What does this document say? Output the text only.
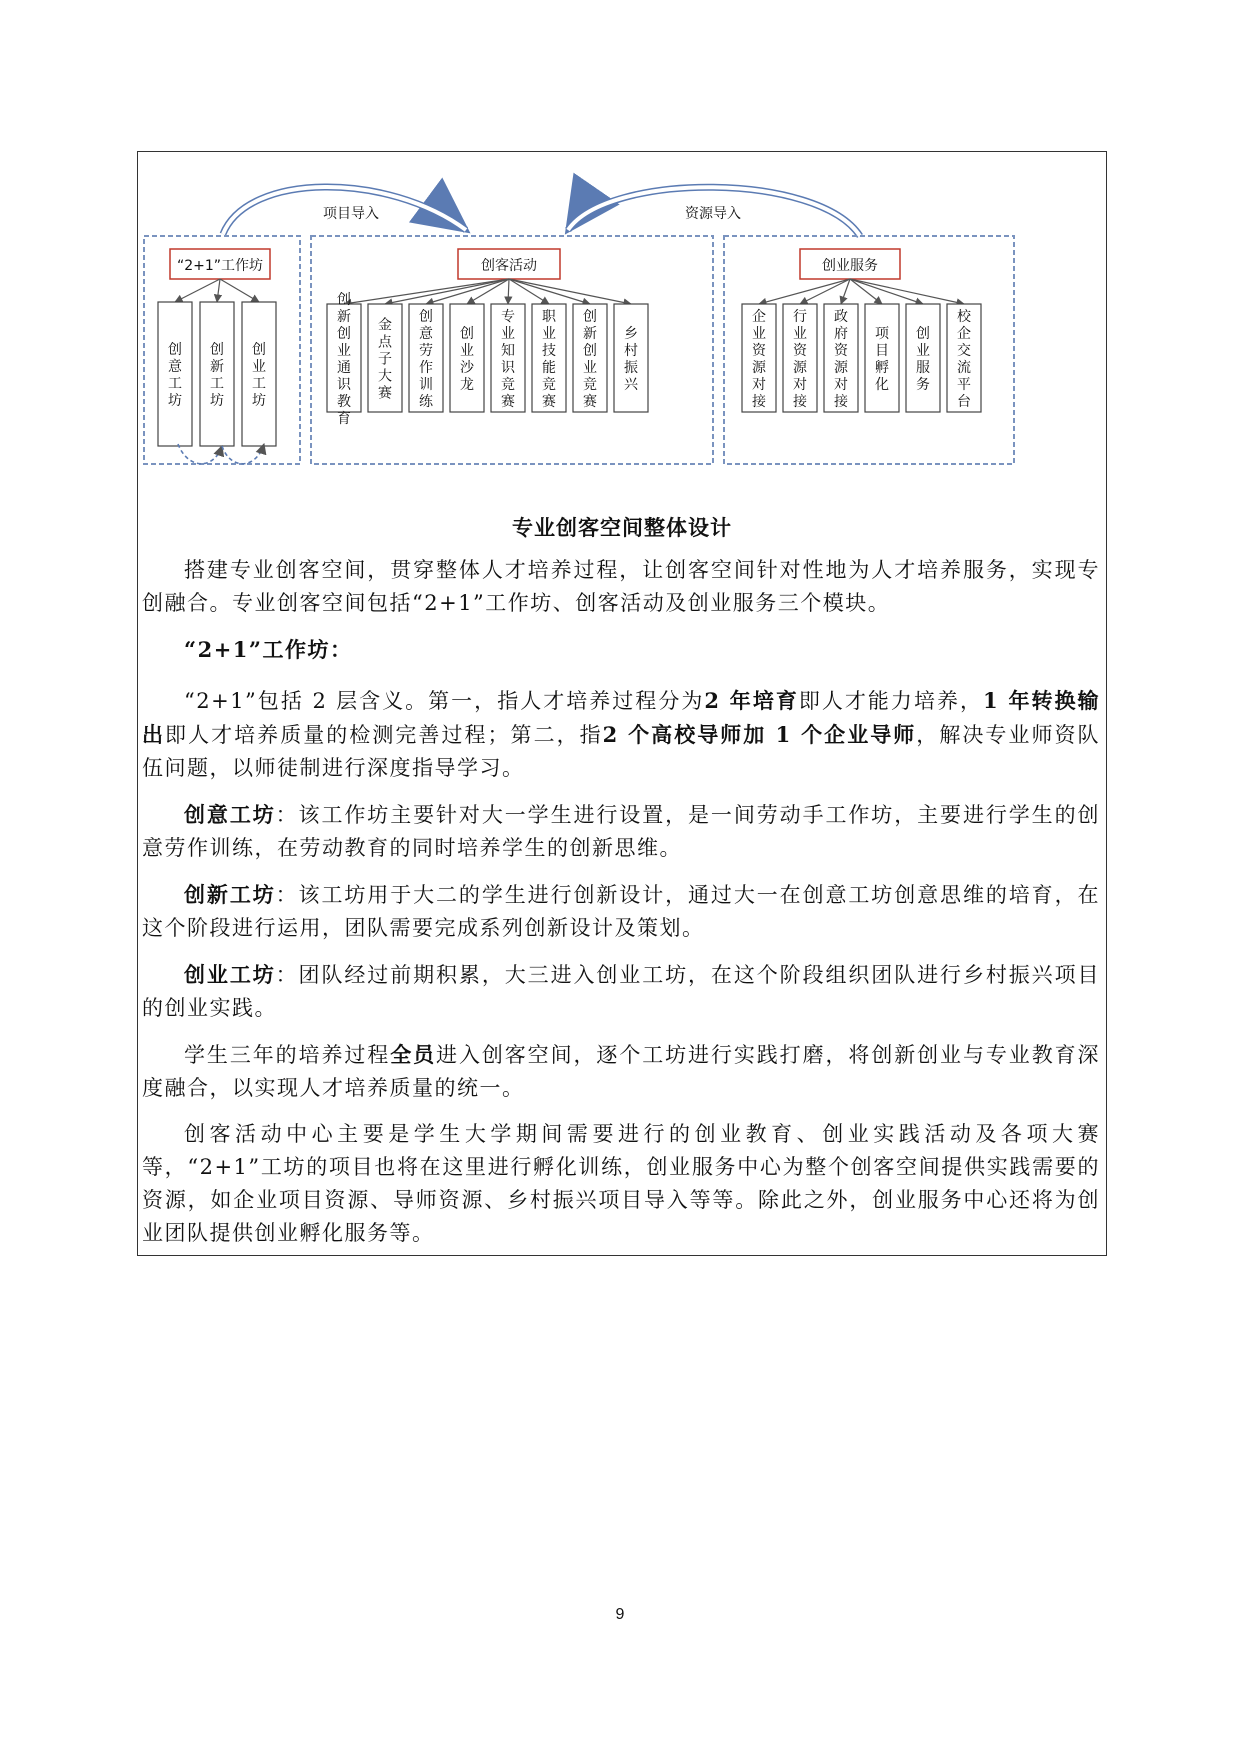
项目导入	资源导入
“2+1”工作坊	创客活动	创业服务
创意工坊
创新工坊
创业工坊
创新创业通识教育
金点子大赛
创意劳作训练
创业沙龙
专业知识竞赛
职业技能竞赛
创新创业竞赛
乡村振兴
企业资源对接
行业资源对接
政府资源对接
项目孵化
创业服务
校企交流平台
专业创客空间整体设计

搭建专业创客空间，贯穿整体人才培养过程，让创客空间针对性地为人才培养服务，实现专创融合。专业创客空间包括“2+1”工作坊、创客活动及创业服务三个模块。

“2+1”工作坊：

“2+1”包括 2 层含义。第一，指人才培养过程分为2 年培育即人才能力培养，1 年转换输出即人才培养质量的检测完善过程；第二，指2 个高校导师加 1 个企业导师，解决专业师资队伍问题，以师徒制进行深度指导学习。

创意工坊：该工作坊主要针对大一学生进行设置，是一间劳动手工作坊，主要进行学生的创意劳作训练，在劳动教育的同时培养学生的创新思维。

创新工坊：该工坊用于大二的学生进行创新设计，通过大一在创意工坊创意思维的培育，在这个阶段进行运用，团队需要完成系列创新设计及策划。

创业工坊：团队经过前期积累，大三进入创业工坊，在这个阶段组织团队进行乡村振兴项目的创业实践。

学生三年的培养过程全员进入创客空间，逐个工坊进行实践打磨，将创新创业与专业教育深度融合，以实现人才培养质量的统一。

创客活动中心主要是学生大学期间需要进行的创业教育、创业实践活动及各项大赛等，“2+1”工坊的项目也将在这里进行孵化训练，创业服务中心为整个创客空间提供实践需要的资源，如企业项目资源、导师资源、乡村振兴项目导入等等。除此之外，创业服务中心还将为创业团队提供创业孵化服务等。

9
